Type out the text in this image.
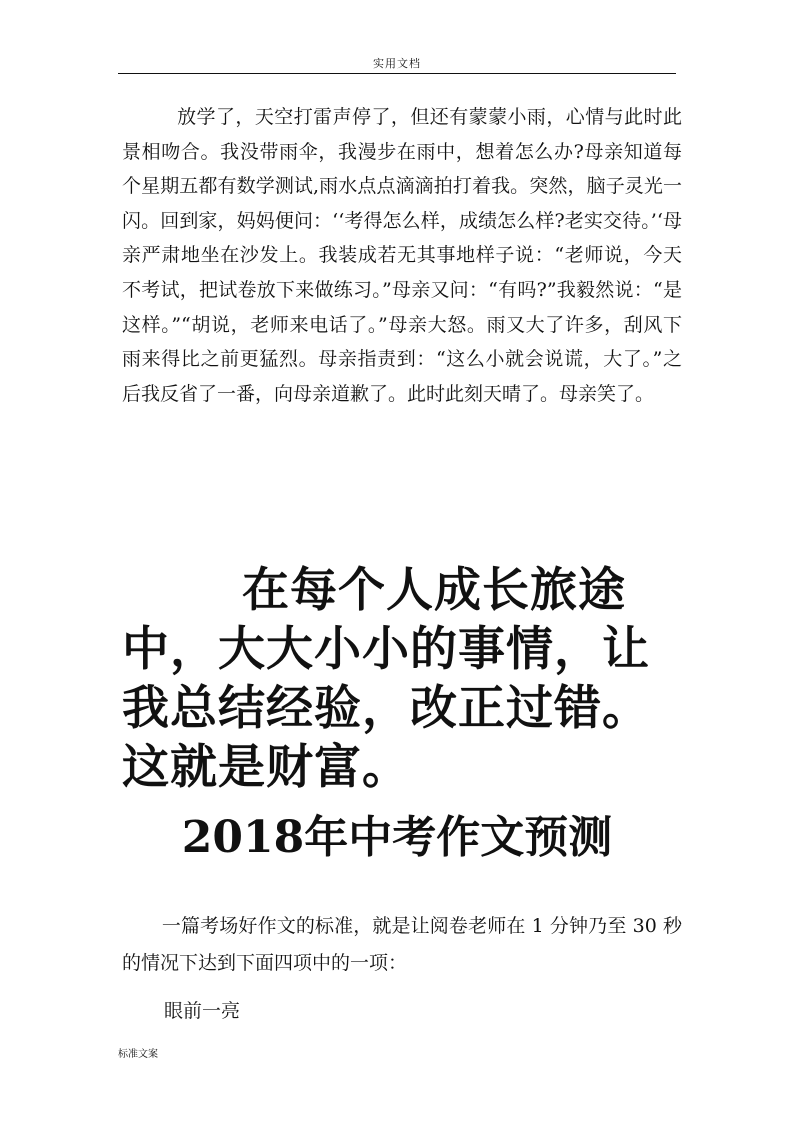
实用文档

放学了，天空打雷声停了，但还有蒙蒙小雨，心情与此时此景相吻合。我没带雨伞，我漫步在雨中，想着怎么办?母亲知道每个星期五都有数学测试,雨水点点滴滴拍打着我。突然，脑子灵光一闪。回到家，妈妈便问：‘‘考得怎么样，成绩怎么样?老实交待。’‘母亲严肃地坐在沙发上。我装成若无其事地样子说：“老师说，今天不考试，把试卷放下来做练习。”母亲又问：“有吗?”我毅然说：“是这样。”“胡说，老师来电话了。”母亲大怒。雨又大了许多，刮风下雨来得比之前更猛烈。母亲指责到：“这么小就会说谎，大了。”之后我反省了一番，向母亲道歉了。此时此刻天晴了。母亲笑了。

在每个人成长旅途中，大大小小的事情，让我总结经验，改正过错。这就是财富。

2018年中考作文预测

一篇考场好作文的标准，就是让阅卷老师在 1 分钟乃至 30 秒的情况下达到下面四项中的一项：

眼前一亮

标准文案
